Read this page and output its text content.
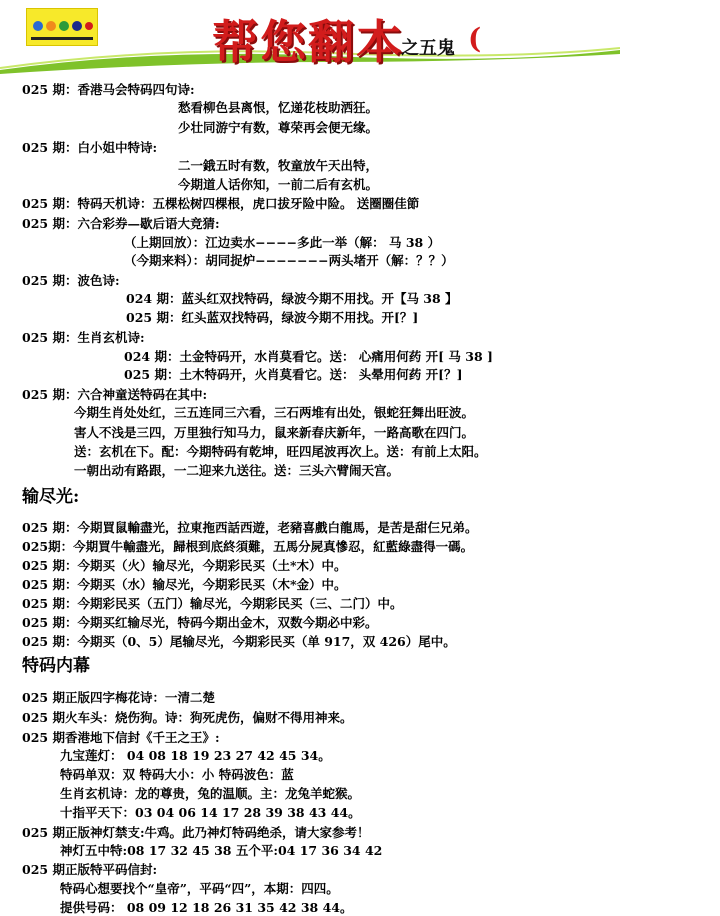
帮您翻本
之五鬼 (
025 期：香港马会特码四句诗:
愁看柳色县离恨，忆递花枝助洒狂。
少壮同游宁有数，尊荣再会便无缘。
025 期：白小姐中特诗:
二一鋨五时有数，牧童放午天出特，
今期道人话你知，一前二后有玄机。
025 期：特码天机诗：五棵松树四棵根，虎口拔牙险中险。 送圈圈佳節
025 期：六合彩券—歇后语大竞猜:
（上期回放）：江边卖水−−−−多此一举（解： 马 38 ）
（今期来料）：胡同捉炉−−−−−−−两头堵开（解：？？）
025 期：波色诗:
024 期：蓝头红双找特码，绿波今期不用找。开【马 38 】
025 期：红头蓝双找特码，绿波今期不用找。开[？]
025 期：生肖玄机诗:
024 期：土金特码开，水肖莫看它。送： 心痛用何药 开[ 马 38 ]
025 期：土木特码开，火肖莫看它。送： 头晕用何药 开[？]
025 期：六合神童送特码在其中:
今期生肖处处红，三五连同三六看，三石两堆有出处，银蛇狂舞出旺波。
害人不浅是三四，万里独行知马力，鼠来新春庆新年，一路高歌在四门。
送：玄机在下。配：今期特码有乾坤，旺四尾波再次上。送：有前上太阳。
一朝出动有路跟，一二迎来九送往。送：三头六臂闹天宫。
输尽光:
025 期：今期買鼠輸盡光，拉東拖西話西遊，老豬喜戲白龍馬，是苦是甜仨兄弟。
025期：今期買牛輸盡光，歸根到底終須難，五馬分屍真慘忍，紅藍綠盡得一碼。
025 期：今期买（火）输尽光，今期彩民买（土*木）中。
025 期：今期买（水）输尽光，今期彩民买（木*金）中。
025 期：今期彩民买（五门）输尽光，今期彩民买（三、二门）中。
025 期：今期买红输尽光，特码今期出金木，双数今期必中彩。
025 期：今期买（0、5）尾输尽光，今期彩民买（单 917，双 426）尾中。
特码内幕
025 期正版四字梅花诗：一清二楚
025 期火车头：烧伤狗。诗：狗死虎伤，偏财不得用神来。
025 期香港地下信封《千王之王》:
九宝莲灯： 04 08 18 19 23 27 42 45 34。
特码单双：双 特码大小：小 特码波色：蓝
生肖玄机诗：龙的尊贵，兔的温顺。主：龙兔羊蛇猴。
十指平天下：03 04 06 14 17 28 39 38 43 44。
025 期正版神灯禁支:牛鸡。此乃神灯特码绝杀，请大家参考！
神灯五中特:08 17 32 45 38 五个平:04 17 36 34 42
025 期正版特平码信封:
特码心想要找个“皇帝”，平码“四”，本期：四四。
提供号码： 08 09 12 18 26 31 35 42 38 44。
